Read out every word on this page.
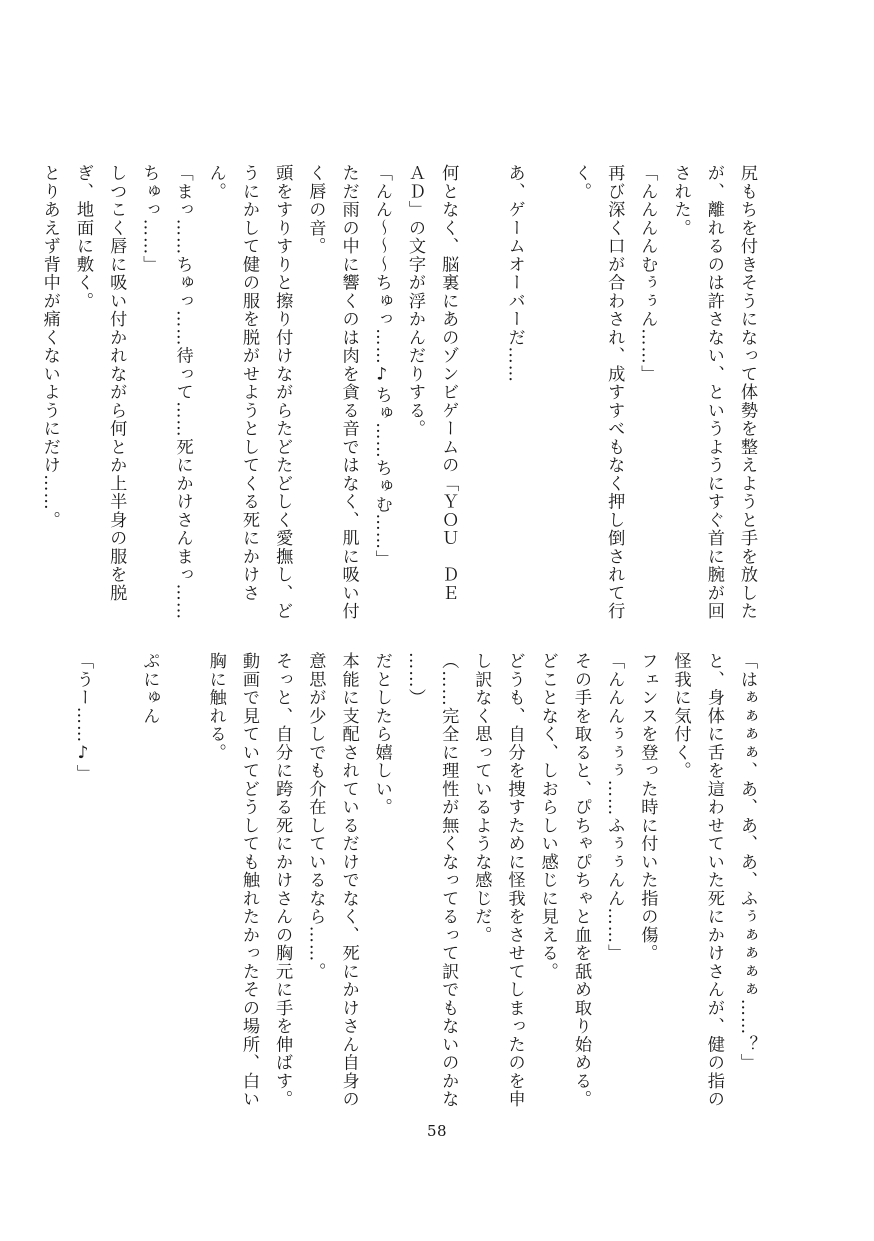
尻もちを付きそうになって体勢を整えようと手を放した
が、離れるのは許さない、というようにすぐ首に腕が回
された。
「んんんんむぅぅん……」
再び深く口が合わされ、成すすべもなく押し倒されて行
く。
あ、ゲームオーバーだ……
何となく、脳裏にあのゾンビゲームの「ＹＯＵ　ＤＥ
ＡＤ」の文字が浮かんだりする。
「んん～～～ちゅっ……♪ちゅ……ちゅむ……」
ただ雨の中に響くのは肉を貪る音ではなく、肌に吸い付
く唇の音。
頭をすりすりと擦り付けながらたどたどしく愛撫し、ど
うにかして健の服を脱がせようとしてくる死にかけさ
ん。
「まっ……ちゅっ……待って……死にかけさんまっ……
ちゅっ……」
しつこく唇に吸い付かれながら何とか上半身の服を脱
ぎ、地面に敷く。
とりあえず背中が痛くないようにだけ……。
「はぁぁぁぁ、あ、あ、あ、ふぅぁぁぁぁ……？」
と、身体に舌を這わせていた死にかけさんが、健の指の
怪我に気付く。
フェンスを登った時に付いた指の傷。
「んんんぅぅぅ……ふぅぅんん……」
その手を取ると、ぴちゃぴちゃと血を舐め取り始める。
どことなく、しおらしい感じに見える。
どうも、自分を捜すために怪我をさせてしまったのを申
し訳なく思っているような感じだ。
（……完全に理性が無くなってるって訳でもないのかな
……）
だとしたら嬉しい。
本能に支配されているだけでなく、死にかけさん自身の
意思が少しでも介在しているなら……。
そっと、自分に跨る死にかけさんの胸元に手を伸ばす。
動画で見ていてどうしても触れたかったその場所、白い
胸に触れる。
ぷにゅん
「うー……♪」
58
